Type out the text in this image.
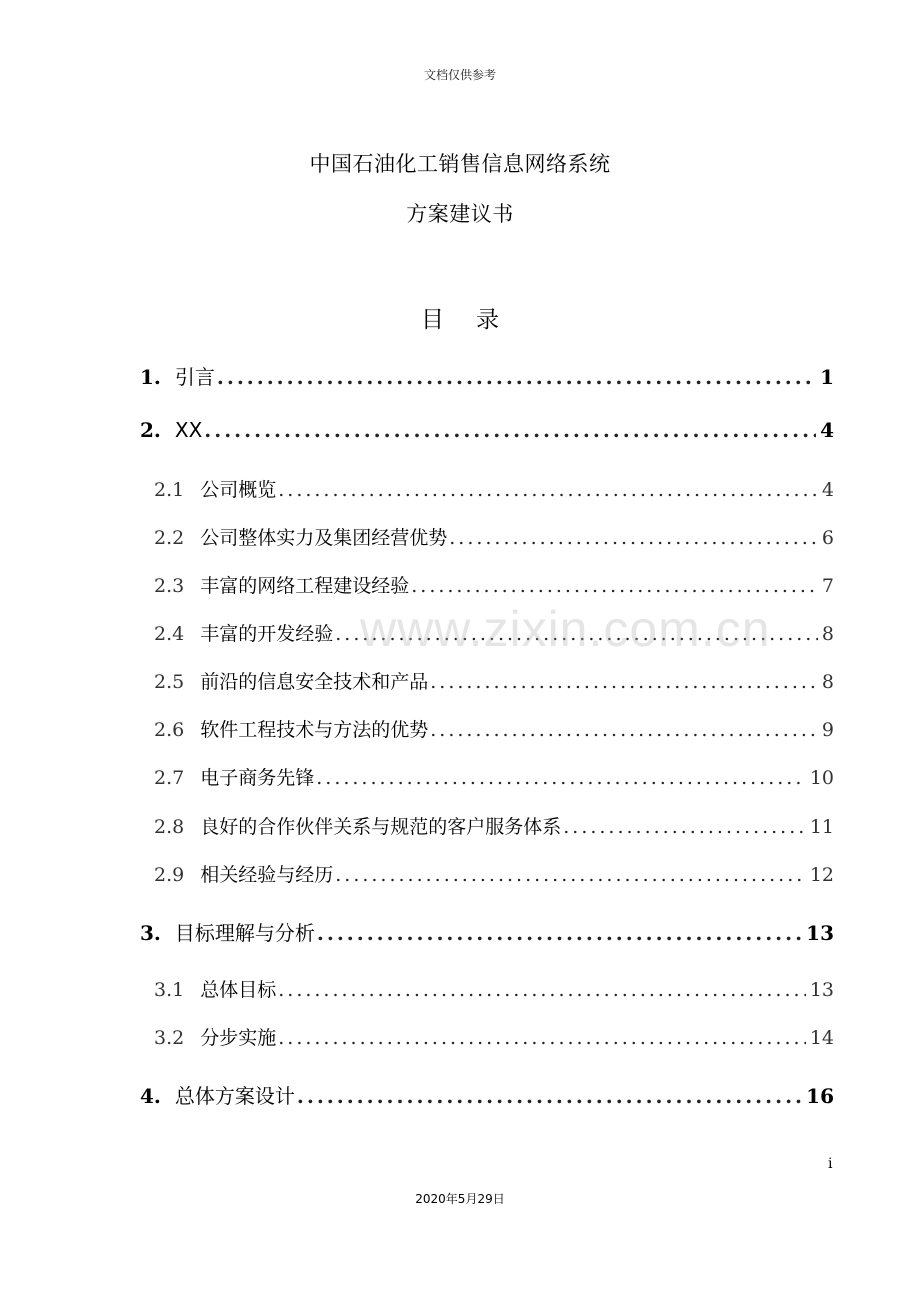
文档仅供参考
中国石油化工销售信息网络系统
方案建议书
目 录
1. 引言 .....	1
2. XX .....	4
2.1 公司概览 .....	4
2.2 公司整体实力及集团经营优势 .....	6
2.3 丰富的网络工程建设经验 .....	7
2.4 丰富的开发经验 .....	8
2.5 前沿的信息安全技术和产品 .....	8
2.6 软件工程技术与方法的优势 .....	9
2.7 电子商务先锋 .....	10
2.8 良好的合作伙伴关系与规范的客户服务体系 .....	11
2.9 相关经验与经历 .....	12
3. 目标理解与分析 .....	13
3.1 总体目标 .....	13
3.2 分步实施 .....	14
4. 总体方案设计 .....	16
www.zixin.com.cn
i
2020年5月29日
